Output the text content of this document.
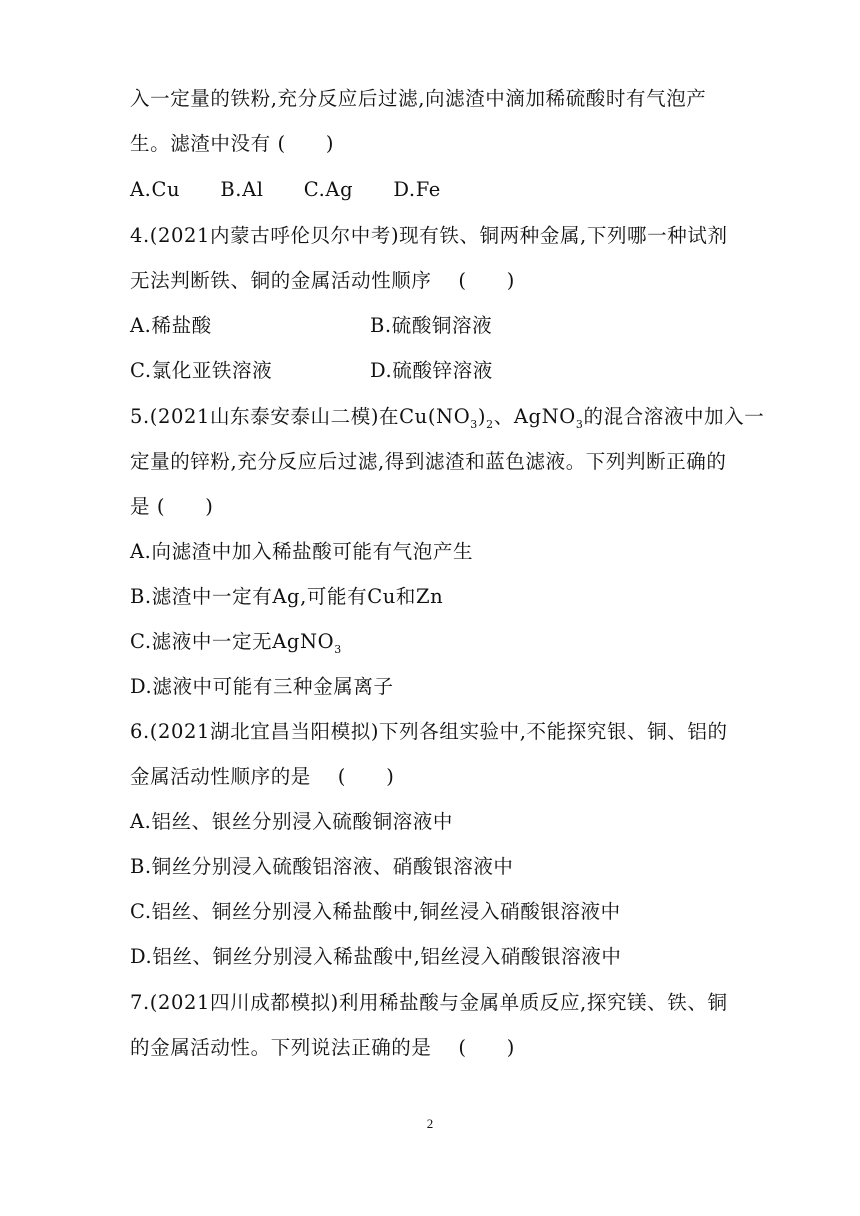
入一定量的铁粉,充分反应后过滤,向滤渣中滴加稀硫酸时有气泡产
生。滤渣中没有 (　　)
A.Cu　　B.Al　　C.Ag　　D.Fe
4.(2021内蒙古呼伦贝尔中考)现有铁、铜两种金属,下列哪一种试剂
无法判断铁、铜的金属活动性顺序　 (　　)
A.稀盐酸	B.硫酸铜溶液
C.氯化亚铁溶液	D.硫酸锌溶液
5.(2021山东泰安泰山二模)在$Cu(NO_3)_2$、AgNO$_3$的混合溶液中加入一
定量的锌粉,充分反应后过滤,得到滤渣和蓝色滤液。下列判断正确的
是 (　　)
A.向滤渣中加入稀盐酸可能有气泡产生
B.滤渣中一定有Ag,可能有Cu和Zn
C.滤液中一定无AgNO$_3$
D.滤液中可能有三种金属离子
6.(2021湖北宜昌当阳模拟)下列各组实验中,不能探究银、铜、铝的
金属活动性顺序的是　 (　　)
A.铝丝、银丝分别浸入硫酸铜溶液中
B.铜丝分别浸入硫酸铝溶液、硝酸银溶液中
C.铝丝、铜丝分别浸入稀盐酸中,铜丝浸入硝酸银溶液中
D.铝丝、铜丝分别浸入稀盐酸中,铝丝浸入硝酸银溶液中
7.(2021四川成都模拟)利用稀盐酸与金属单质反应,探究镁、铁、铜
的金属活动性。下列说法正确的是　 (　　)
2
